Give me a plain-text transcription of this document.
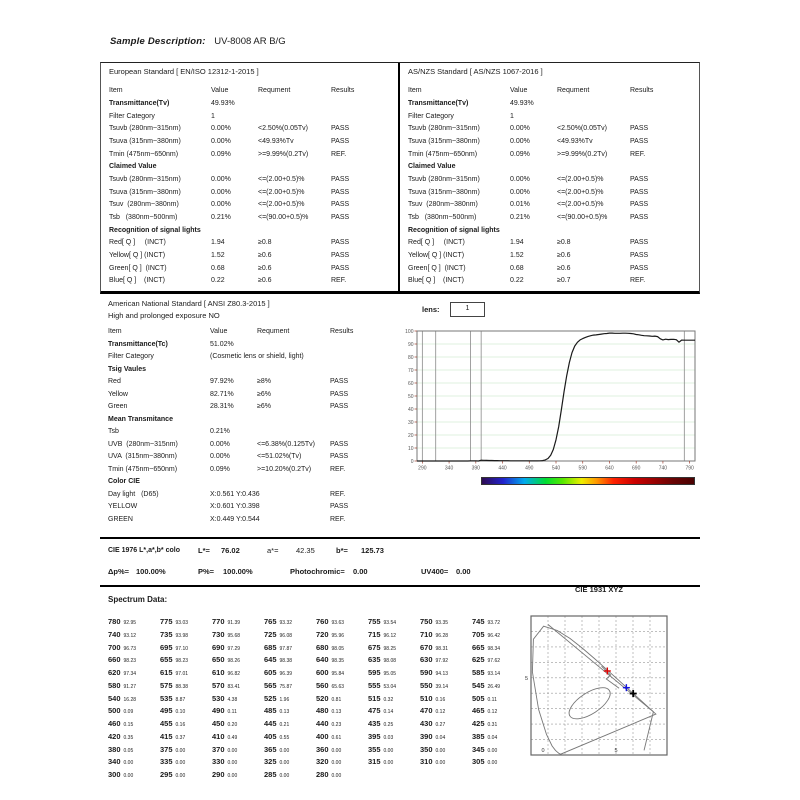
Sample Description: UV-8008 AR B/G
European Standard [ EN/ISO 12312-1-2015 ]
Item	Value	Requment	Results
Transmittance(Tv)	49.93%		
Filter Category	1		
Tsuvb (280nm~315nm)	0.00%	<2.50%(0.05Tv)	PASS
Tsuva (315nm~380nm)	0.00%	<49.93%Tv	PASS
Tmin (475nm~650nm)	0.09%	>=9.99%(0.2Tv)	REF.
Claimed Value			
Tsuvb (280nm~315nm)	0.00%	<=(2.00+0.5)%	PASS
Tsuva (315nm~380nm)	0.00%	<=(2.00+0.5)%	PASS
Tsuv  (280nm~380nm)	0.00%	<=(2.00+0.5)%	PASS
Tsb   (380nm~500nm)	0.21%	<=(90.00+0.5)%	PASS
Recognition of signal lights			
Red[ Q ]     (INCT)	1.94	≥0.8	PASS
Yellow[ Q ] (INCT)	1.52	≥0.6	PASS
Green[ Q ]  (INCT)	0.68	≥0.6	PASS
Blue[ Q ]    (INCT)	0.22	≥0.6	REF.
AS/NZS Standard [ AS/NZS 1067-2016 ]
Item	Value	Requment	Results
Transmittance(Tv)	49.93%		
Filter Category	1		
Tsuvb (280nm~315nm)	0.00%	<2.50%(0.05Tv)	PASS
Tsuva (315nm~380nm)	0.00%	<49.93%Tv	PASS
Tmin (475nm~650nm)	0.09%	>=9.99%(0.2Tv)	REF.
Claimed Value			
Tsuvb (280nm~315nm)	0.00%	<=(2.00+0.5)%	PASS
Tsuva (315nm~380nm)	0.00%	<=(2.00+0.5)%	PASS
Tsuv  (280nm~380nm)	0.01%	<=(2.00+0.5)%	PASS
Tsb   (380nm~500nm)	0.21%	<=(90.00+0.5)%	PASS
Recognition of signal lights			
Red[ Q ]     (INCT)	1.94	≥0.8	PASS
Yellow[ Q ] (INCT)	1.52	≥0.6	PASS
Green[ Q ]  (INCT)	0.68	≥0.6	PASS
Blue[ Q ]    (INCT)	0.22	≥0.7	REF.
American National Standard [ ANSI Z80.3-2015 ]
High and prolonged exposure NO
Item	Value	Requment	Results
Transmittance(Tc)	51.02%		
Filter Category	(Cosmetic lens or shield, light)		
Tsig Vaules			
Red	97.92%	≥8%	PASS
Yellow	82.71%	≥6%	PASS
Green	28.31%	≥6%	PASS
Mean Transmitance			
Tsb	0.21%		
UVB  (280nm~315nm)	0.00%	<=6.38%(0.125Tv)	PASS
UVA  (315nm~380nm)	0.00%	<=51.02%(Tv)	PASS
Tmin (475nm~650nm)	0.09%	>=10.20%(0.2Tv)	REF.
Color CIE			
Day light   (D65)	X:0.561 Y:0.436		REF.
YELLOW	X:0.601 Y:0.398		PASS
GREEN	X:0.449 Y:0.544		REF.
lens:	1
0
10
20
30
40
50
60
70
80
90
100
290	340	390	440	490	540	590	640	690	740	790
CIE 1976 L*,a*,b* colo L*= 76.02	a*= 42.35	b*= 125.73
Δp%= 100.00%	P%= 100.00%	Photochromic= 0.00	UV400= 0.00
Spectrum Data:
780 92.95	775 93.03	770 91.39	765 93.32	760 93.63	755 93.54	750 93.35	745 93.72
740 93.12	735 93.98	730 95.68	725 96.08	720 95.96	715 96.12	710 96.28	705 96.42
700 96.73	695 97.10	690 97.29	685 97.87	680 98.05	675 98.25	670 98.31	665 98.34
660 98.23	655 98.23	650 98.26	645 98.38	640 98.35	635 98.08	630 97.92	625 97.62
620 97.34	615 97.01	610 96.82	605 96.39	600 95.84	595 95.05	590 94.13	585 93.14
580 91.27	575 88.38	570 83.41	565 75.87	560 65.63	555 53.04	550 39.14	545 26.49
540 16.28	535 8.87	530 4.38	525 1.96	520 0.81	515 0.32	510 0.16	505 0.11
500 0.09	495 0.10	490 0.11	485 0.13	480 0.13	475 0.14	470 0.12	465 0.12
460 0.15	455 0.16	450 0.20	445 0.21	440 0.23	435 0.25	430 0.27	425 0.31
420 0.35	415 0.37	410 0.49	405 0.55	400 0.61	395 0.03	390 0.04	385 0.04
380 0.05	375 0.00	370 0.00	365 0.00	360 0.00	355 0.00	350 0.00	345 0.00
340 0.00	335 0.00	330 0.00	325 0.00	320 0.00	315 0.00	310 0.00	305 0.00
300 0.00	295 0.00	290 0.00	285 0.00	280 0.00
CIE 1931 XYZ
0	5
5
